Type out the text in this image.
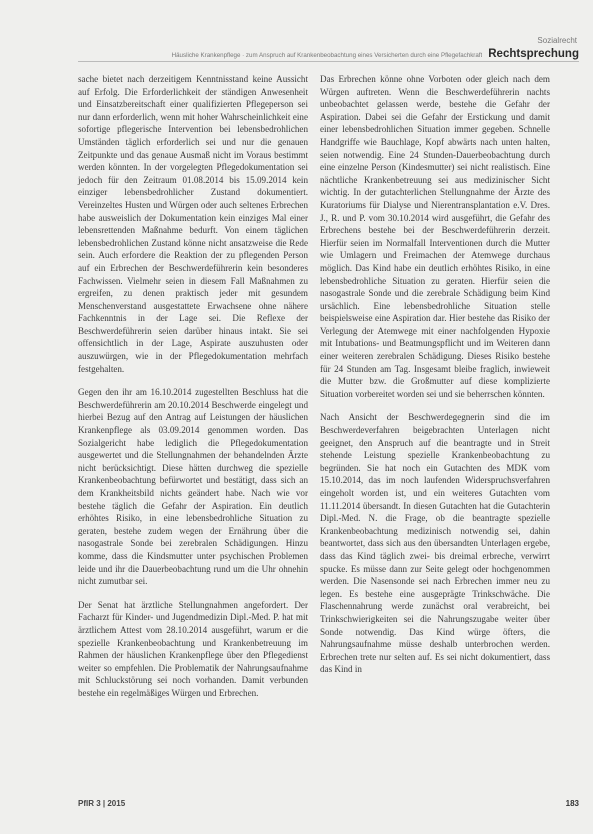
Sozialrecht
Häusliche Krankenpflege · zum Anspruch auf Krankenbeobachtung eines Versicherten durch eine Pflegefachkraft Rechtsprechung

sache bietet nach derzeitigem Kenntnisstand keine Aussicht auf Erfolg. Die Erforderlichkeit der ständigen Anwesenheit und Einsatzbereitschaft einer qualifizierten Pflegeperson sei nur dann erforderlich, wenn mit hoher Wahrscheinlichkeit eine sofortige pflegerische Intervention bei lebensbedrohlichen Umständen täglich erforderlich sei und nur die genauen Zeitpunkte und das genaue Ausmaß nicht im Voraus bestimmt werden könnten. In der vorgelegten Pflegedokumentation sei jedoch für den Zeitraum 01.08.2014 bis 15.09.2014 kein einziger lebensbedrohlicher Zustand dokumentiert. Vereinzeltes Husten und Würgen oder auch seltenes Erbrechen habe ausweislich der Dokumentation kein einziges Mal einer lebensrettenden Maßnahme bedurft. Von einem täglichen lebensbedrohlichen Zustand könne nicht ansatzweise die Rede sein. Auch erfordere die Reaktion der zu pflegenden Person auf ein Erbrechen der Beschwerdeführerin kein besonderes Fachwissen. Vielmehr seien in diesem Fall Maßnahmen zu ergreifen, zu denen praktisch jeder mit gesundem Menschenverstand ausgestattete Erwachsene ohne nähere Fachkenntnis in der Lage sei. Die Reflexe der Beschwerdeführerin seien darüber hinaus intakt. Sie sei offensichtlich in der Lage, Aspirate auszuhusten oder auszuwürgen, wie in der Pflegedokumentation mehrfach festgehalten.

Gegen den ihr am 16.10.2014 zugestellten Beschluss hat die Beschwerdeführerin am 20.10.2014 Beschwerde eingelegt und hierbei Bezug auf den Antrag auf Leistungen der häuslichen Krankenpflege als 03.09.2014 genommen worden. Das Sozialgericht habe lediglich die Pflegedokumentation ausgewertet und die Stellungnahmen der behandelnden Ärzte nicht berücksichtigt. Diese hätten durchweg die spezielle Krankenbeobachtung befürwortet und bestätigt, dass sich an dem Krankheitsbild nichts geändert habe. Nach wie vor bestehe täglich die Gefahr der Aspiration. Ein deutlich erhöhtes Risiko, in eine lebensbedrohliche Situation zu geraten, bestehe zudem wegen der Ernährung über die nasogastrale Sonde bei zerebralen Schädigungen. Hinzu komme, dass die Kindsmutter unter psychischen Problemen leide und ihr die Dauerbeobachtung rund um die Uhr ohnehin nicht zumutbar sei.

Der Senat hat ärztliche Stellungnahmen angefordert. Der Facharzt für Kinder- und Jugendmedizin Dipl.-Med. P. hat mit ärztlichem Attest vom 28.10.2014 ausgeführt, warum er die spezielle Krankenbeobachtung und Krankenbetreuung im Rahmen der häuslichen Krankenpflege über den Pflegedienst weiter so empfehlen. Die Problematik der Nahrungsaufnahme mit Schluckstörung sei noch vorhanden. Damit verbunden bestehe ein regelmäßiges Würgen und Erbrechen.

Das Erbrechen könne ohne Vorboten oder gleich nach dem Würgen auftreten. Wenn die Beschwerdeführerin nachts unbeobachtet gelassen werde, bestehe die Gefahr der Aspiration. Dabei sei die Gefahr der Erstickung und damit einer lebensbedrohlichen Situation immer gegeben. Schnelle Handgriffe wie Bauchlage, Kopf abwärts nach unten halten, seien notwendig. Eine 24 Stunden-Dauerbeobachtung durch eine einzelne Person (Kindesmutter) sei nicht realistisch. Eine nächtliche Krankenbetreuung sei aus medizinischer Sicht wichtig. In der gutachterlichen Stellungnahme der Ärzte des Kuratoriums für Dialyse und Nierentransplantation e.V. Dres. J., R. und P. vom 30.10.2014 wird ausgeführt, die Gefahr des Erbrechens bestehe bei der Beschwerdeführerin derzeit. Hierfür seien im Normalfall Interventionen durch die Mutter wie Umlagern und Freimachen der Atemwege durchaus möglich. Das Kind habe ein deutlich erhöhtes Risiko, in eine lebensbedrohliche Situation zu geraten. Hierfür seien die nasogastrale Sonde und die zerebrale Schädigung beim Kind ursächlich. Eine lebensbedrohliche Situation stelle beispielsweise eine Aspiration dar. Hier bestehe das Risiko der Verlegung der Atemwege mit einer nachfolgenden Hypoxie mit Intubations- und Beatmungspflicht und im Weiteren dann einer weiteren zerebralen Schädigung. Dieses Risiko bestehe für 24 Stunden am Tag. Insgesamt bleibe fraglich, inwieweit die Mutter bzw. die Großmutter auf diese komplizierte Situation vorbereitet worden sei und sie beherrschen könnten.

Nach Ansicht der Beschwerdegegnerin sind die im Beschwerdeverfahren beigebrachten Unterlagen nicht geeignet, den Anspruch auf die beantragte und in Streit stehende Leistung spezielle Krankenbeobachtung zu begründen. Sie hat noch ein Gutachten des MDK vom 15.10.2014, das im noch laufenden Widerspruchsverfahren eingeholt worden ist, und ein weiteres Gutachten vom 11.11.2014 übersandt. In diesen Gutachten hat die Gutachterin Dipl.-Med. N. die Frage, ob die beantragte spezielle Krankenbeobachtung medizinisch notwendig sei, dahin beantwortet, dass sich aus den übersandten Unterlagen ergebe, dass das Kind täglich zwei- bis dreimal erbreche, verwirrt spucke. Es müsse dann zur Seite gelegt oder hochgenommen werden. Die Nasensonde sei nach Erbrechen immer neu zu legen. Es bestehe eine ausgeprägte Trinkschwäche. Die Flaschennahrung werde zunächst oral verabreicht, bei Trinkschwierigkeiten sei die Nahrungszugabe weiter über Sonde notwendig. Das Kind würge öfters, die Nahrungsaufnahme müsse deshalb unterbrochen werden. Erbrechen trete nur selten auf. Es sei nicht dokumentiert, dass das Kind in

PflR 3 | 2015	183
